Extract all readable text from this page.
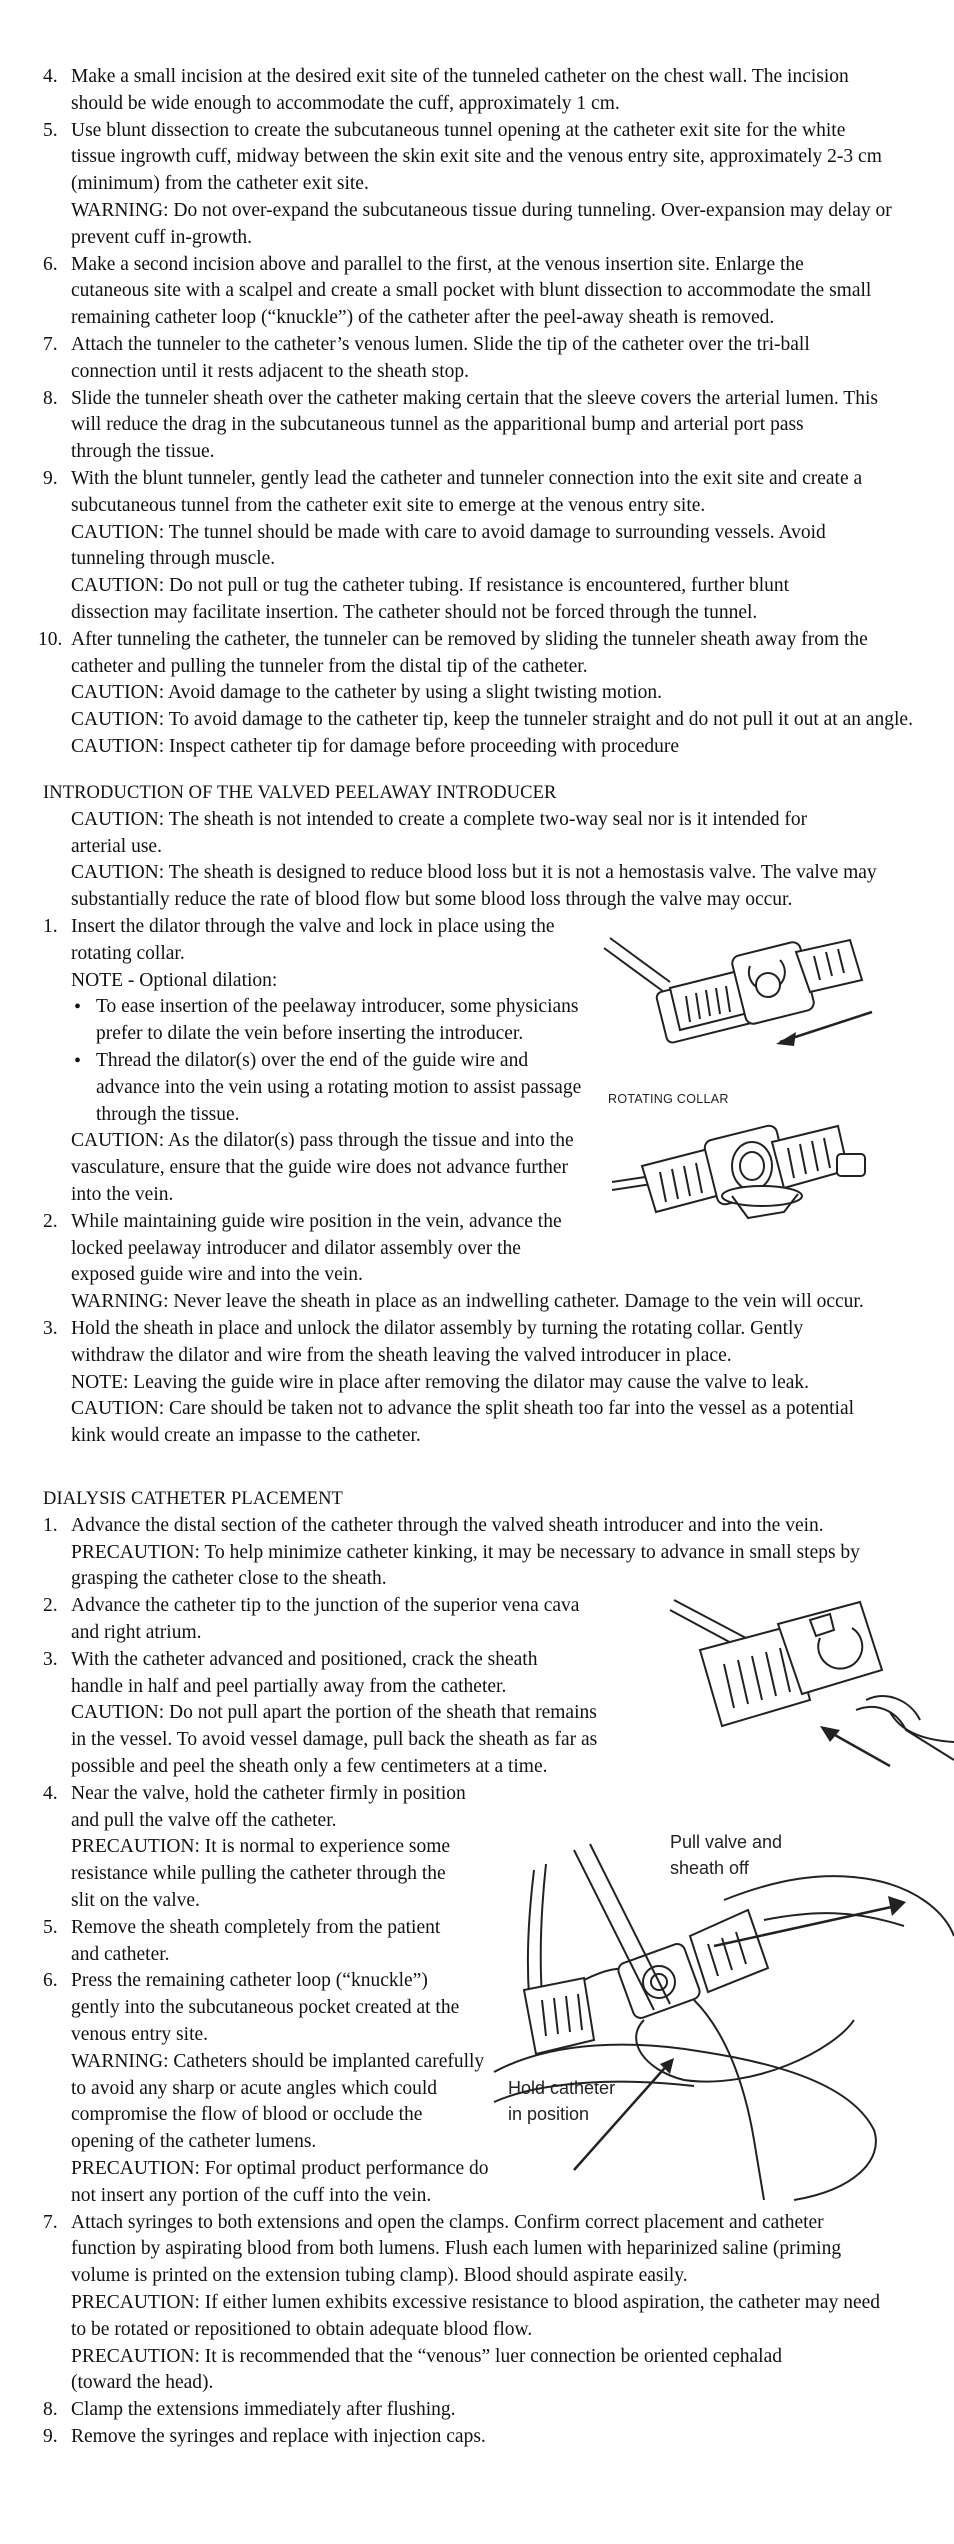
4. Make a small incision at the desired exit site of the tunneled catheter on the chest wall. The incision
should be wide enough to accommodate the cuff, approximately 1 cm.
5. Use blunt dissection to create the subcutaneous tunnel opening at the catheter exit site for the white
tissue ingrowth cuff, midway between the skin exit site and the venous entry site, approximately 2-3 cm
(minimum) from the catheter exit site.
WARNING: Do not over-expand the subcutaneous tissue during tunneling. Over-expansion may delay or
prevent cuff in-growth.
6. Make a second incision above and parallel to the first, at the venous insertion site. Enlarge the
cutaneous site with a scalpel and create a small pocket with blunt dissection to accommodate the small
remaining catheter loop (“knuckle”) of the catheter after the peel-away sheath is removed.
7. Attach the tunneler to the catheter’s venous lumen. Slide the tip of the catheter over the tri-ball
connection until it rests adjacent to the sheath stop.
8. Slide the tunneler sheath over the catheter making certain that the sleeve covers the arterial lumen. This
will reduce the drag in the subcutaneous tunnel as the apparitional bump and arterial port pass
through the tissue.
9. With the blunt tunneler, gently lead the catheter and tunneler connection into the exit site and create a
subcutaneous tunnel from the catheter exit site to emerge at the venous entry site.
CAUTION: The tunnel should be made with care to avoid damage to surrounding vessels. Avoid
tunneling through muscle.
CAUTION: Do not pull or tug the catheter tubing. If resistance is encountered, further blunt
dissection may facilitate insertion. The catheter should not be forced through the tunnel.
10. After tunneling the catheter, the tunneler can be removed by sliding the tunneler sheath away from the
catheter and pulling the tunneler from the distal tip of the catheter.
CAUTION: Avoid damage to the catheter by using a slight twisting motion.
CAUTION: To avoid damage to the catheter tip, keep the tunneler straight and do not pull it out at an angle.
CAUTION: Inspect catheter tip for damage before proceeding with procedure
INTRODUCTION OF THE VALVED PEELAWAY INTRODUCER
CAUTION: The sheath is not intended to create a complete two-way seal nor is it intended for
arterial use.
CAUTION: The sheath is designed to reduce blood loss but it is not a hemostasis valve. The valve may
substantially reduce the rate of blood flow but some blood loss through the valve may occur.
1. Insert the dilator through the valve and lock in place using the
rotating collar.
NOTE - Optional dilation:
• To ease insertion of the peelaway introducer, some physicians
prefer to dilate the vein before inserting the introducer.
• Thread the dilator(s) over the end of the guide wire and
advance into the vein using a rotating motion to assist passage
through the tissue.
CAUTION: As the dilator(s) pass through the tissue and into the
vasculature, ensure that the guide wire does not advance further
into the vein.
2. While maintaining guide wire position in the vein, advance the
locked peelaway introducer and dilator assembly over the
exposed guide wire and into the vein.
WARNING: Never leave the sheath in place as an indwelling catheter. Damage to the vein will occur.
3. Hold the sheath in place and unlock the dilator assembly by turning the rotating collar. Gently
withdraw the dilator and wire from the sheath leaving the valved introducer in place.
NOTE: Leaving the guide wire in place after removing the dilator may cause the valve to leak.
CAUTION: Care should be taken not to advance the split sheath too far into the vessel as a potential
kink would create an impasse to the catheter.
DIALYSIS CATHETER PLACEMENT
1. Advance the distal section of the catheter through the valved sheath introducer and into the vein.
PRECAUTION: To help minimize catheter kinking, it may be necessary to advance in small steps by
grasping the catheter close to the sheath.
2. Advance the catheter tip to the junction of the superior vena cava
and right atrium.
3. With the catheter advanced and positioned, crack the sheath
handle in half and peel partially away from the catheter.
CAUTION: Do not pull apart the portion of the sheath that remains
in the vessel. To avoid vessel damage, pull back the sheath as far as
possible and peel the sheath only a few centimeters at a time.
4. Near the valve, hold the catheter firmly in position
and pull the valve off the catheter.
PRECAUTION: It is normal to experience some
resistance while pulling the catheter through the
slit on the valve.
5. Remove the sheath completely from the patient
and catheter.
6. Press the remaining catheter loop (“knuckle”)
gently into the subcutaneous pocket created at the
venous entry site.
WARNING: Catheters should be implanted carefully
to avoid any sharp or acute angles which could
compromise the flow of blood or occlude the
opening of the catheter lumens.
PRECAUTION: For optimal product performance do
not insert any portion of the cuff into the vein.
7. Attach syringes to both extensions and open the clamps. Confirm correct placement and catheter
function by aspirating blood from both lumens. Flush each lumen with heparinized saline (priming
volume is printed on the extension tubing clamp). Blood should aspirate easily.
PRECAUTION: If either lumen exhibits excessive resistance to blood aspiration, the catheter may need
to be rotated or repositioned to obtain adequate blood flow.
PRECAUTION: It is recommended that the “venous” luer connection be oriented cephalad
(toward the head).
8. Clamp the extensions immediately after flushing.
9. Remove the syringes and replace with injection caps.
ROTATING COLLAR
Pull valve and
sheath off
Hold catheter
in position
